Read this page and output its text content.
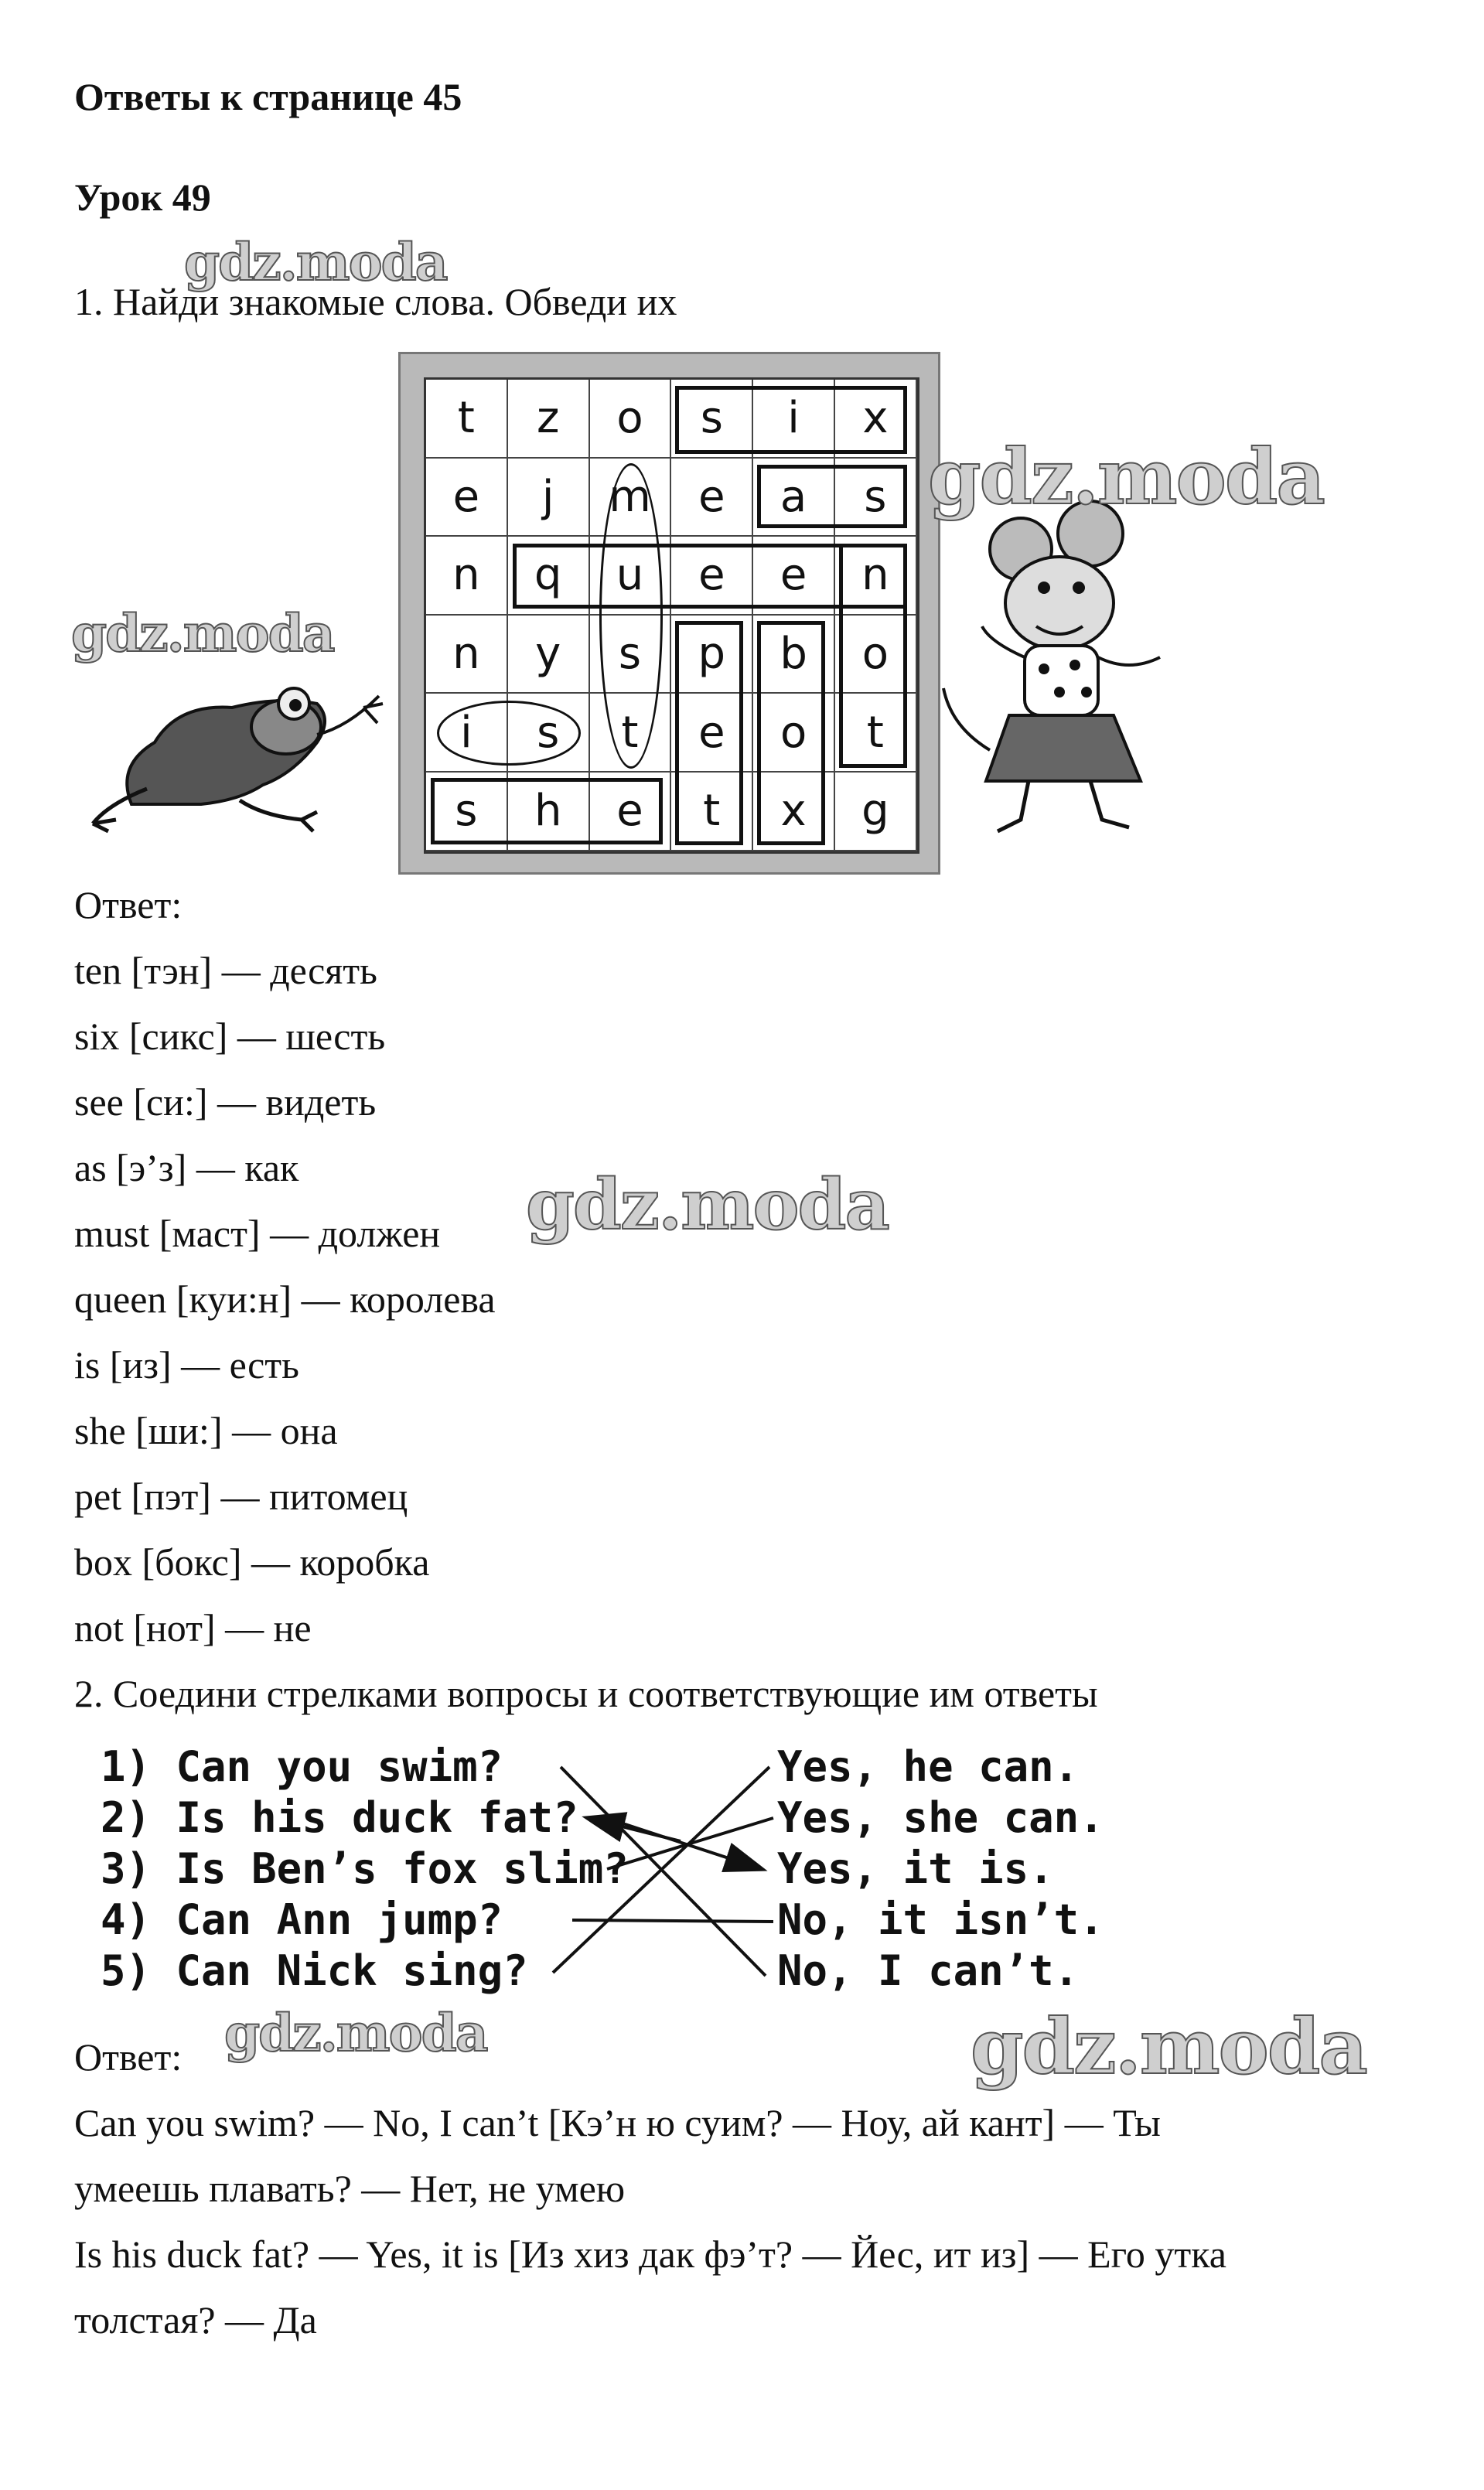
Ответы к странице 45
Урок 49
1. Найди знакомые слова. Обведи их
t	z	o	s	i	x
e	j	m	e	a	s
n	q	u	e	e	n
n	y	s	p	b	o
i	s	t	e	o	t
s	h	e	t	x	g
Ответ:
ten [тэн] — десять
six [сикс] — шесть
see [си:] — видеть
as [э’з] — как
must [маст] — должен
queen [куи:н] — королева
is [из] — есть
she [ши:] — она
pet [пэт] — питомец
box [бокс] — коробка
not [нот] — не
2. Соедини стрелками вопросы и соответствующие им ответы
1) Can you swim?
2) Is his duck fat?
3) Is Ben’s fox slim?
4) Can Ann jump?
5) Can Nick sing?
Yes, he can.
Yes, she can.
Yes, it is.
No, it isn’t.
No, I can’t.
Ответ:
Can you swim? — No, I can’t [Кэ’н ю суим? — Ноу, ай кант] — Ты
умеешь плавать? — Нет, не умею
Is his duck fat? — Yes, it is [Из хиз дак фэ’т? — Йес, ит из] — Его утка
толстая? — Да
gdz.moda
gdz.moda
gdz.moda
gdz.moda
gdz.moda	gdz.moda
